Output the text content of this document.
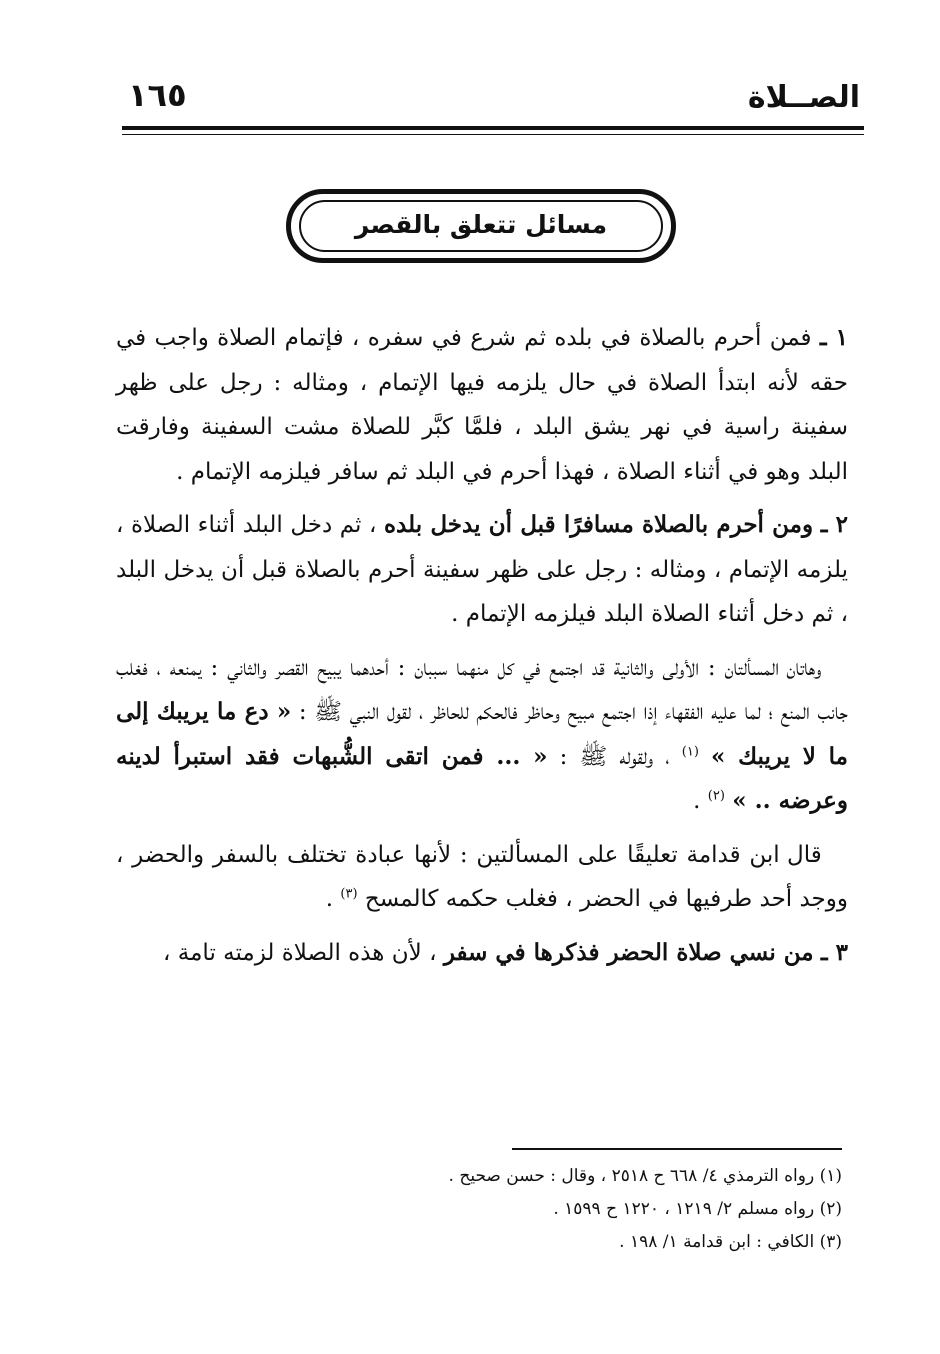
الصــلاة
١٦٥
مسائل تتعلق بالقصر

١ ـ فمن أحرم بالصلاة في بلده ثم شرع في سفره ، فإتمام الصلاة واجب في حقه لأنه ابتدأ الصلاة في حال يلزمه فيها الإتمام ، ومثاله : رجل على ظهر سفينة راسية في نهر يشق البلد ، فلمَّا كبَّر للصلاة مشت السفينة وفارقت البلد وهو في أثناء الصلاة ، فهذا أحرم في البلد ثم سافر فيلزمه الإتمام .

٢ ـ ومن أحرم بالصلاة مسافرًا قبل أن يدخل بلده ، ثم دخل البلد أثناء الصلاة ، يلزمه الإتمام ، ومثاله : رجل على ظهر سفينة أحرم بالصلاة قبل أن يدخل البلد ، ثم دخل أثناء الصلاة البلد فيلزمه الإتمام .

وهاتان المسألتان : الأولى والثانية قد اجتمع في كل منهما سببان : أحدهما يبيح القصر والثاني : يمنعه ، فغلب جانب المنع ؛ لما عليه الفقهاء إذا اجتمع مبيح وحاظر فالحكم للحاظر ، لقول النبي ﷺ : « دع ما يريبك إلى ما لا يريبك » $^{(١)}$ ، ولقوله ﷺ : « ... فمن اتقى الشُّبهات فقد استبرأ لدينه وعرضه .. » $^{(٢)}$ .

قال ابن قدامة تعليقًا على المسألتين : لأنها عبادة تختلف بالسفر والحضر ، ووجد أحد طرفيها في الحضر ، فغلب حكمه كالمسح $^{(٣)}$ .

٣ ـ من نسي صلاة الحضر فذكرها في سفر ، لأن هذه الصلاة لزمته تامة ،

(١) رواه الترمذي ٤/ ٦٦٨ ح ٢٥١٨ ، وقال : حسن صحيح .

(٢) رواه مسلم ٢/ ١٢١٩ ، ١٢٢٠ ح ١٥٩٩ .

(٣) الكافي : ابن قدامة ١/ ١٩٨ .
